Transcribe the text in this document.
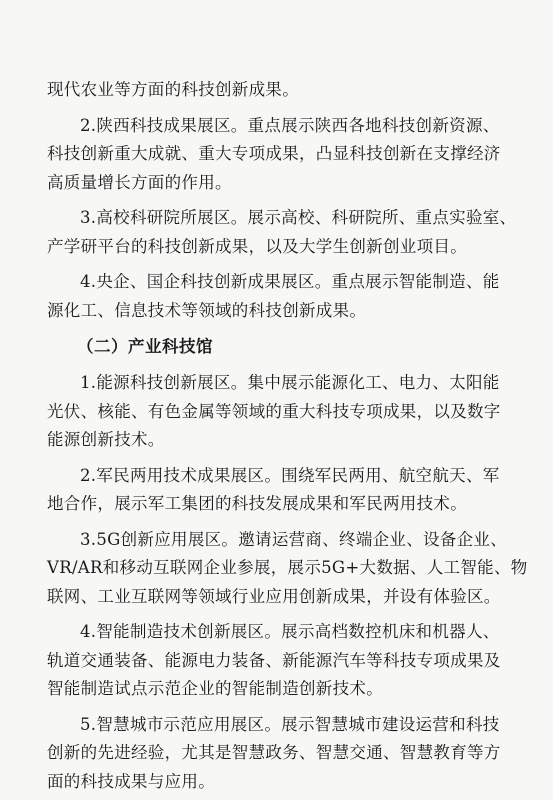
现代农业等方面的科技创新成果。

2.陕西科技成果展区。重点展示陕西各地科技创新资源、
科技创新重大成就、重大专项成果，凸显科技创新在支撑经济
高质量增长方面的作用。

3.高校科研院所展区。展示高校、科研院所、重点实验室、
产学研平台的科技创新成果，以及大学生创新创业项目。

4.央企、国企科技创新成果展区。重点展示智能制造、能
源化工、信息技术等领域的科技创新成果。

（二）产业科技馆

1.能源科技创新展区。集中展示能源化工、电力、太阳能
光伏、核能、有色金属等领域的重大科技专项成果，以及数字
能源创新技术。

2.军民两用技术成果展区。围绕军民两用、航空航天、军
地合作，展示军工集团的科技发展成果和军民两用技术。

3.5G创新应用展区。邀请运营商、终端企业、设备企业、
VR/AR和移动互联网企业参展，展示5G+大数据、人工智能、物
联网、工业互联网等领域行业应用创新成果，并设有体验区。

4.智能制造技术创新展区。展示高档数控机床和机器人、
轨道交通装备、能源电力装备、新能源汽车等科技专项成果及
智能制造试点示范企业的智能制造创新技术。

5.智慧城市示范应用展区。展示智慧城市建设运营和科技
创新的先进经验，尤其是智慧政务、智慧交通、智慧教育等方
面的科技成果与应用。
